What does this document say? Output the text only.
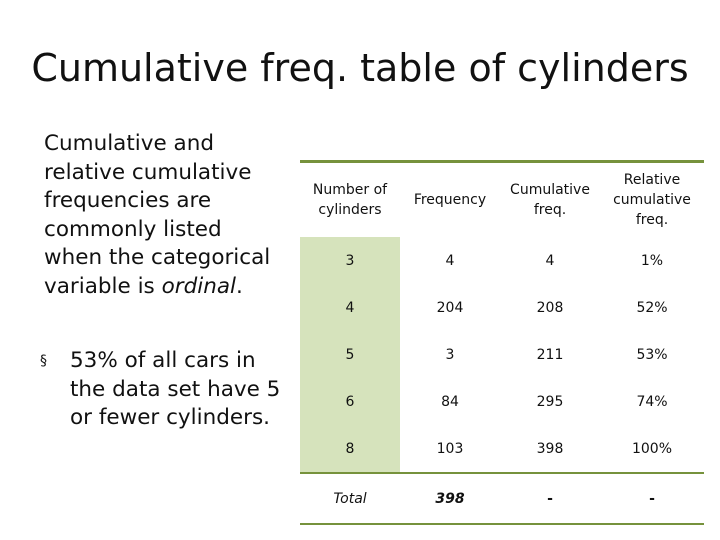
Cumulative freq. table of cylinders
Cumulative and relative cumulative frequencies are commonly listed when the categorical variable is ordinal.
§	53% of all cars in the data set have 5 or fewer cylinders.
Number of cylinders	Frequency	Cumulative freq.	Relative cumulative freq.
3	4	4	1%
4	204	208	52%
5	3	211	53%
6	84	295	74%
8	103	398	100%
Total	398	-	-
